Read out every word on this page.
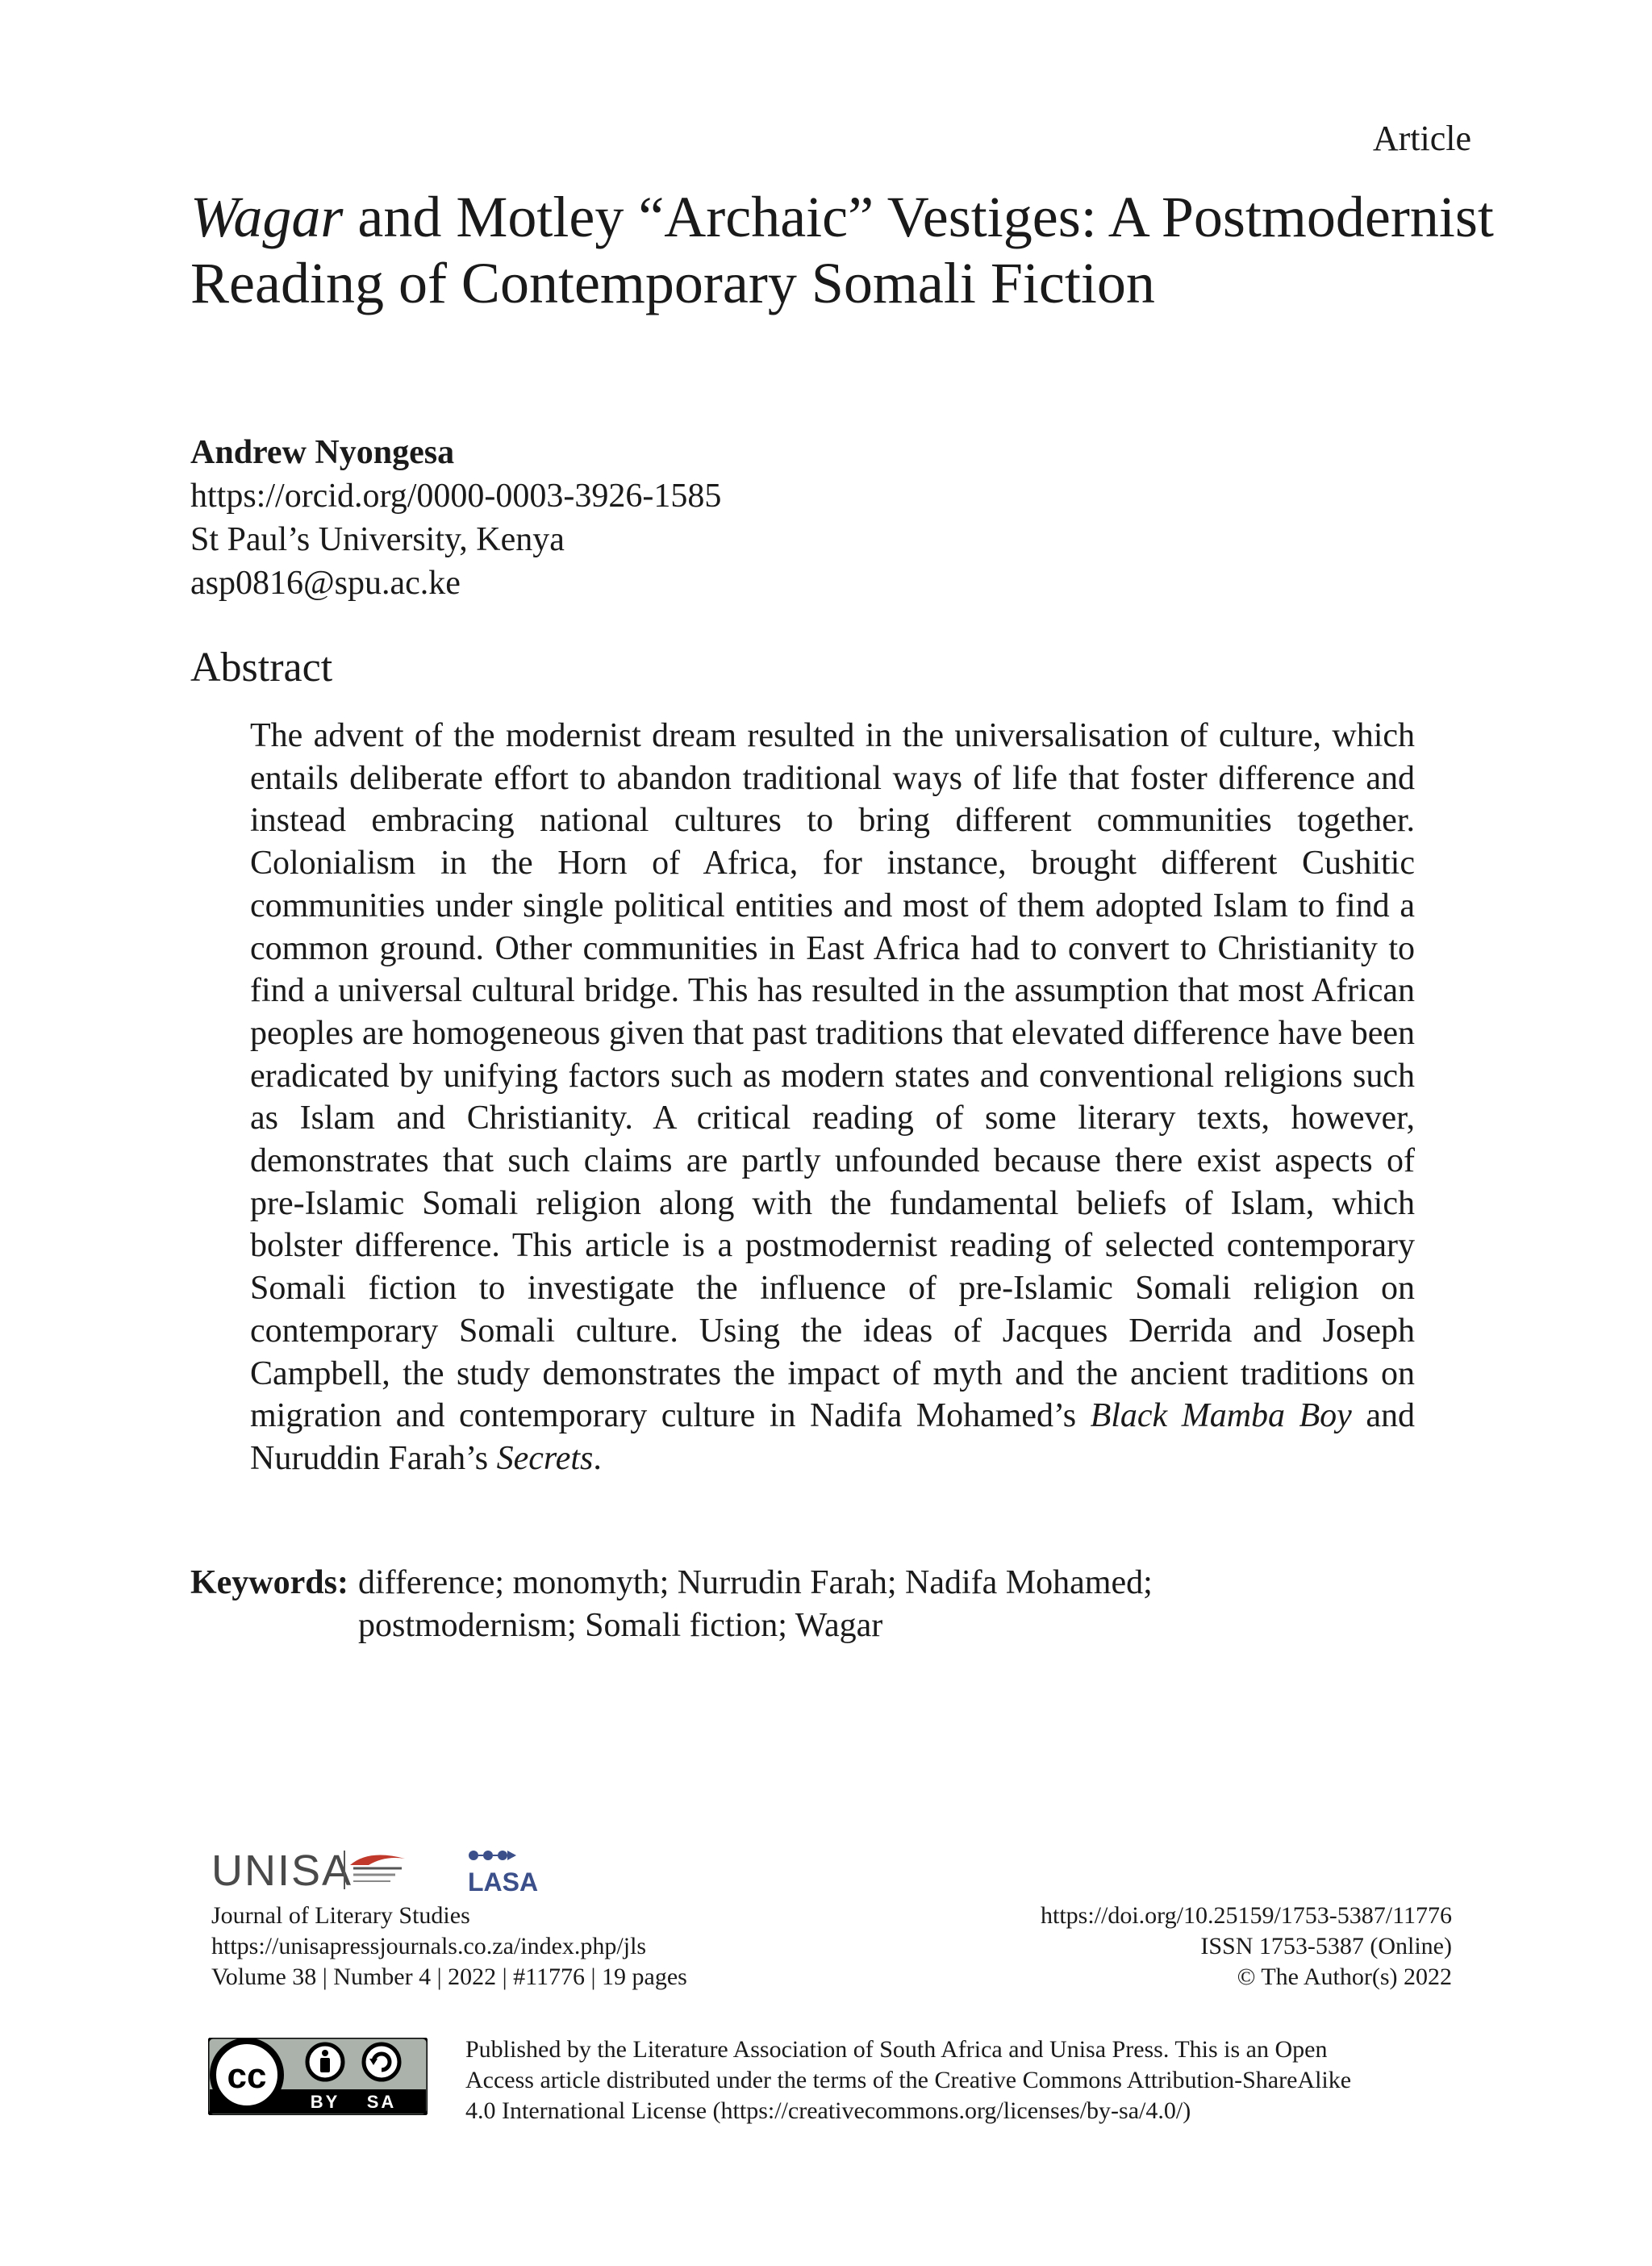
Article
Wagar and Motley “Archaic” Vestiges: A Postmodernist Reading of Contemporary Somali Fiction
Andrew Nyongesa
https://orcid.org/0000-0003-3926-1585
St Paul’s University, Kenya
asp0816@spu.ac.ke
Abstract
The advent of the modernist dream resulted in the universalisation of culture, which entails deliberate effort to abandon traditional ways of life that foster difference and instead embracing national cultures to bring different communities together. Colonialism in the Horn of Africa, for instance, brought different Cushitic communities under single political entities and most of them adopted Islam to find a common ground. Other communities in East Africa had to convert to Christianity to find a universal cultural bridge. This has resulted in the assumption that most African peoples are homogeneous given that past traditions that elevated difference have been eradicated by unifying factors such as modern states and conventional religions such as Islam and Christianity. A critical reading of some literary texts, however, demonstrates that such claims are partly unfounded because there exist aspects of pre-Islamic Somali religion along with the fundamental beliefs of Islam, which bolster difference. This article is a postmodernist reading of selected contemporary Somali fiction to investigate the influence of pre-Islamic Somali religion on contemporary Somali culture. Using the ideas of Jacques Derrida and Joseph Campbell, the study demonstrates the impact of myth and the ancient traditions on migration and contemporary culture in Nadifa Mohamed’s Black Mamba Boy and Nuruddin Farah’s Secrets.
Keywords: difference; monomyth; Nurrudin Farah; Nadifa Mohamed;
postmodernism; Somali fiction; Wagar
UNISA	LASA
Journal of Literary Studies
https://unisapressjournals.co.za/index.php/jls
Volume 38 | Number 4 | 2022 | #11776 | 19 pages
https://doi.org/10.25159/1753-5387/11776
ISSN 1753-5387 (Online)
© The Author(s) 2022
cc
BY SA
Published by the Literature Association of South Africa and Unisa Press. This is an Open
Access article distributed under the terms of the Creative Commons Attribution-ShareAlike
4.0 International License (https://creativecommons.org/licenses/by-sa/4.0/)
